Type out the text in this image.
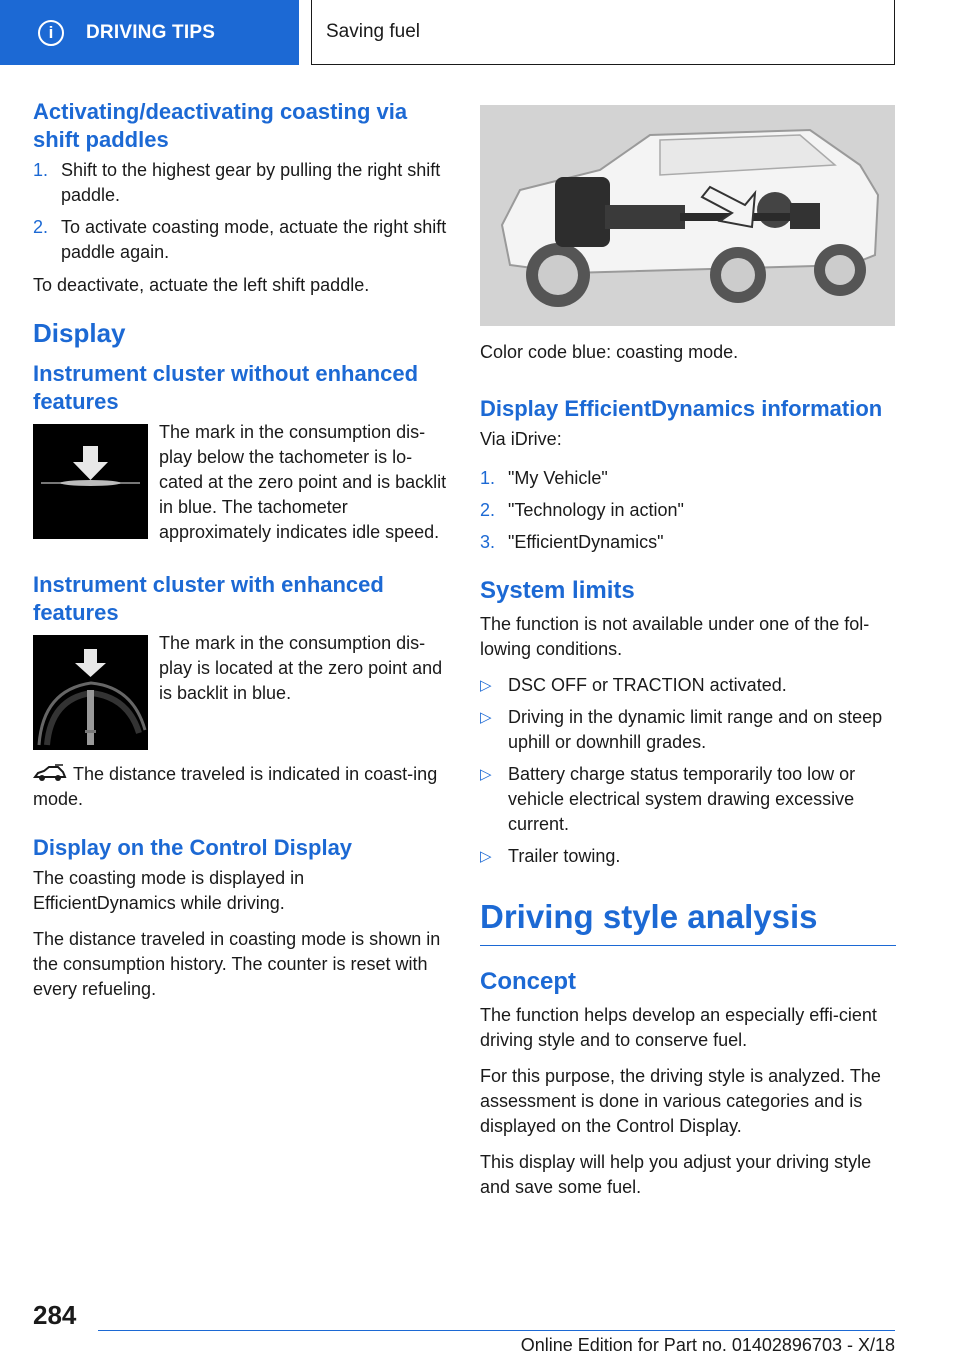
i	DRIVING TIPS	Saving fuel
Activating/deactivating coasting via shift paddles
1. Shift to the highest gear by pulling the right shift paddle.
2. To activate coasting mode, actuate the right shift paddle again.

To deactivate, actuate the left shift paddle.

Display
Instrument cluster without enhanced features

The mark in the consumption dis-play below the tachometer is lo-cated at the zero point and is backlit in blue. The tachometer approximately indicates idle speed.

Instrument cluster with enhanced features

The mark in the consumption dis-play is located at the zero point and is backlit in blue.

The distance traveled is indicated in coast-ing mode.

Display on the Control Display

The coasting mode is displayed in EfficientDynamics while driving.

The distance traveled in coasting mode is shown in the consumption history. The counter is reset with every refueling.

Color code blue: coasting mode.

Display EfficientDynamics information

Via iDrive:

1. "My Vehicle"
2. "Technology in action"
3. "EfficientDynamics"
System limits

The function is not available under one of the fol-lowing conditions.

▷ DSC OFF or TRACTION activated.
▷ Driving in the dynamic limit range and on steep uphill or downhill grades.
▷ Battery charge status temporarily too low or vehicle electrical system drawing excessive current.
▷ Trailer towing.
Driving style analysis
Concept

The function helps develop an especially effi-cient driving style and to conserve fuel.

For this purpose, the driving style is analyzed. The assessment is done in various categories and is displayed on the Control Display.

This display will help you adjust your driving style and save some fuel.

284
Online Edition for Part no. 01402896703 - X/18
